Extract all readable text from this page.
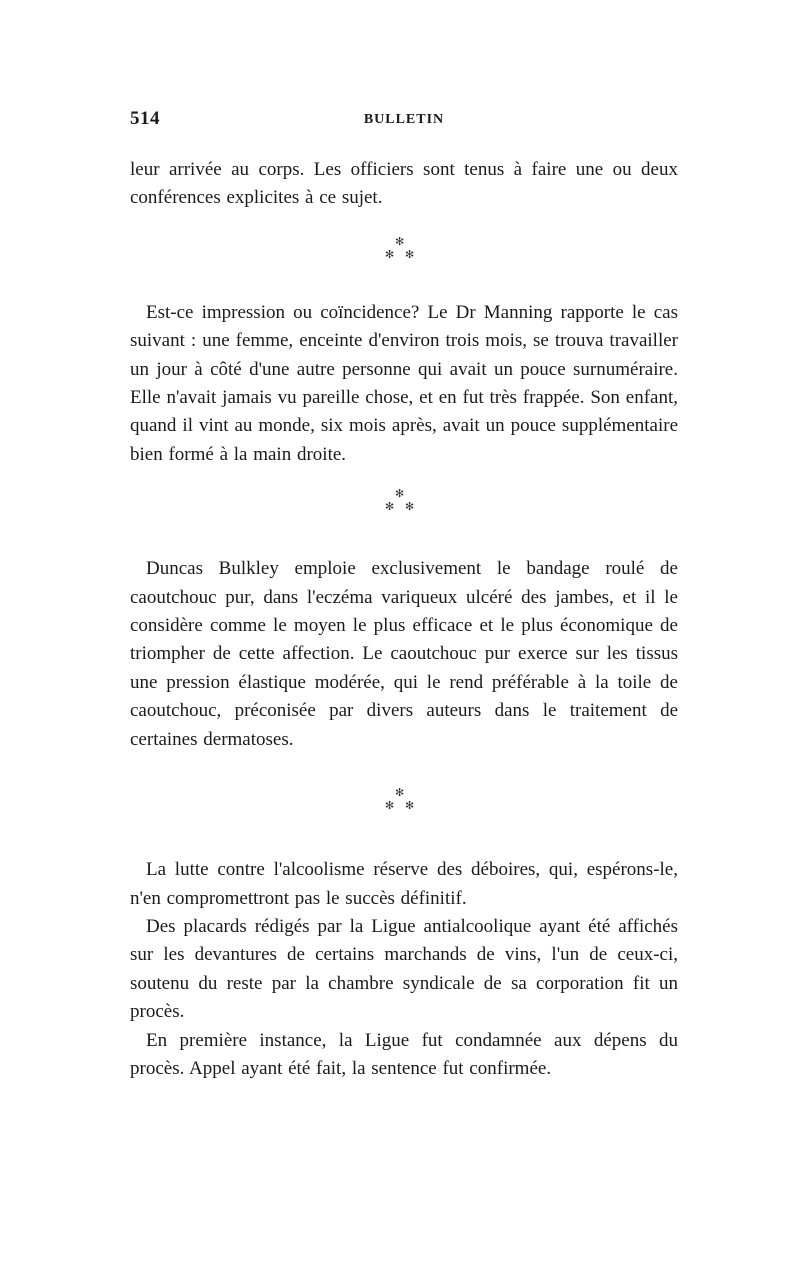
514	BULLETIN

leur arrivée au corps. Les officiers sont tenus à faire une ou deux conférences explicites à ce sujet.

✻
✻ ✻

Est-ce impression ou coïncidence? Le Dr Manning rapporte le cas suivant : une femme, enceinte d'environ trois mois, se trouva travailler un jour à côté d'une autre personne qui avait un pouce surnuméraire. Elle n'avait jamais vu pareille chose, et en fut très frappée. Son enfant, quand il vint au monde, six mois après, avait un pouce supplémentaire bien formé à la main droite.

✻
✻ ✻

Duncas Bulkley emploie exclusivement le bandage roulé de caoutchouc pur, dans l'eczéma variqueux ulcéré des jambes, et il le considère comme le moyen le plus efficace et le plus économique de triompher de cette affection. Le caoutchouc pur exerce sur les tissus une pression élastique modérée, qui le rend préférable à la toile de caoutchouc, préconisée par divers auteurs dans le traitement de certaines dermatoses.

✻
✻ ✻

La lutte contre l'alcoolisme réserve des déboires, qui, espérons-le, n'en compromettront pas le succès définitif.

Des placards rédigés par la Ligue antialcoolique ayant été affichés sur les devantures de certains marchands de vins, l'un de ceux-ci, soutenu du reste par la chambre syndicale de sa corporation fit un procès.

En première instance, la Ligue fut condamnée aux dépens du procès. Appel ayant été fait, la sentence fut confirmée.
